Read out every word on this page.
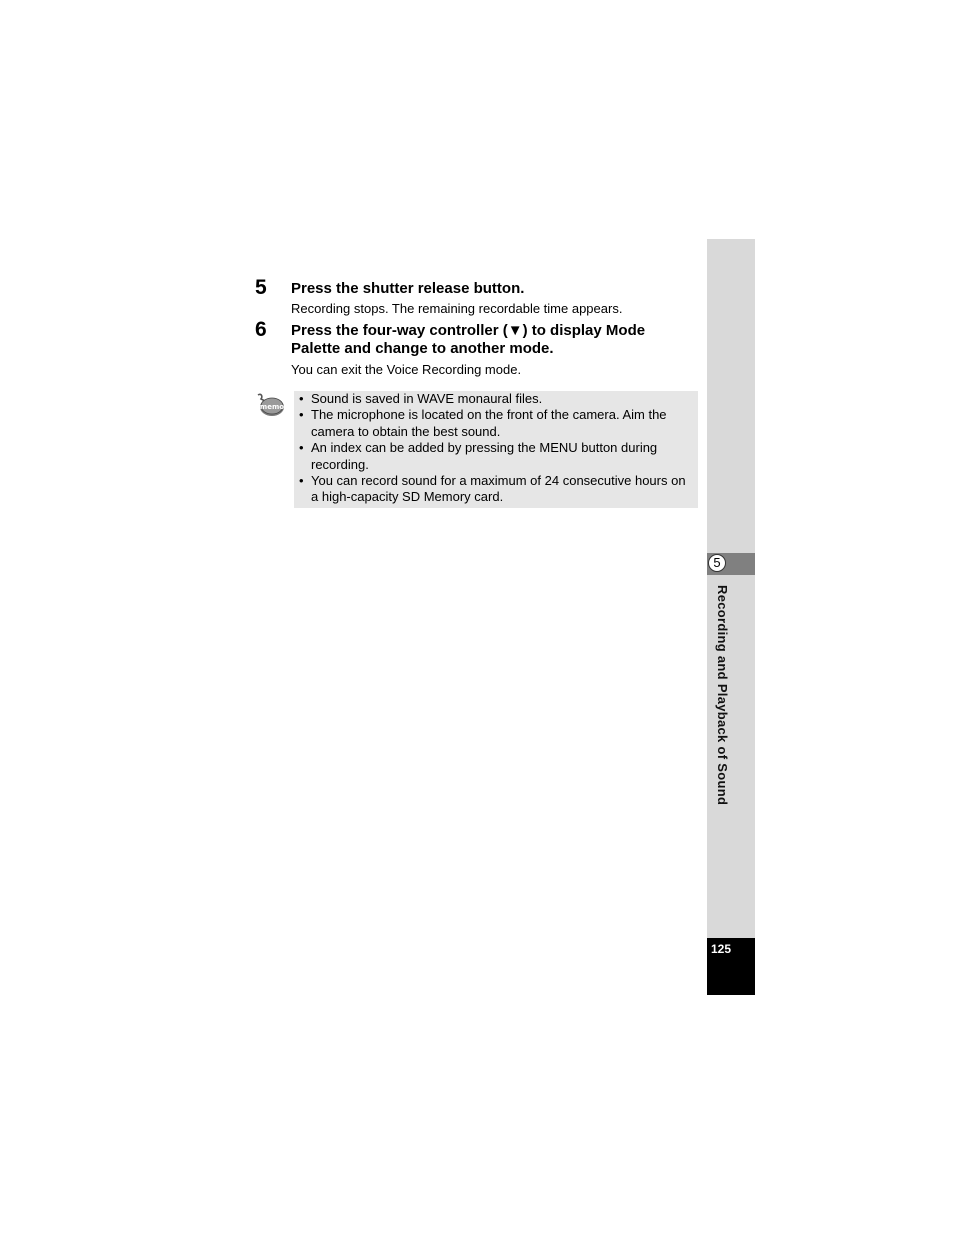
5 Press the shutter release button.
Recording stops. The remaining recordable time appears.
6 Press the four-way controller (▼) to display Mode Palette and change to another mode.
You can exit the Voice Recording mode.
memo
• Sound is saved in WAVE monaural files.
• The microphone is located on the front of the camera. Aim the camera to obtain the best sound.
• An index can be added by pressing the MENU button during recording.
• You can record sound for a maximum of 24 consecutive hours on a high-capacity SD Memory card.
5
Recording and Playback of Sound
125
